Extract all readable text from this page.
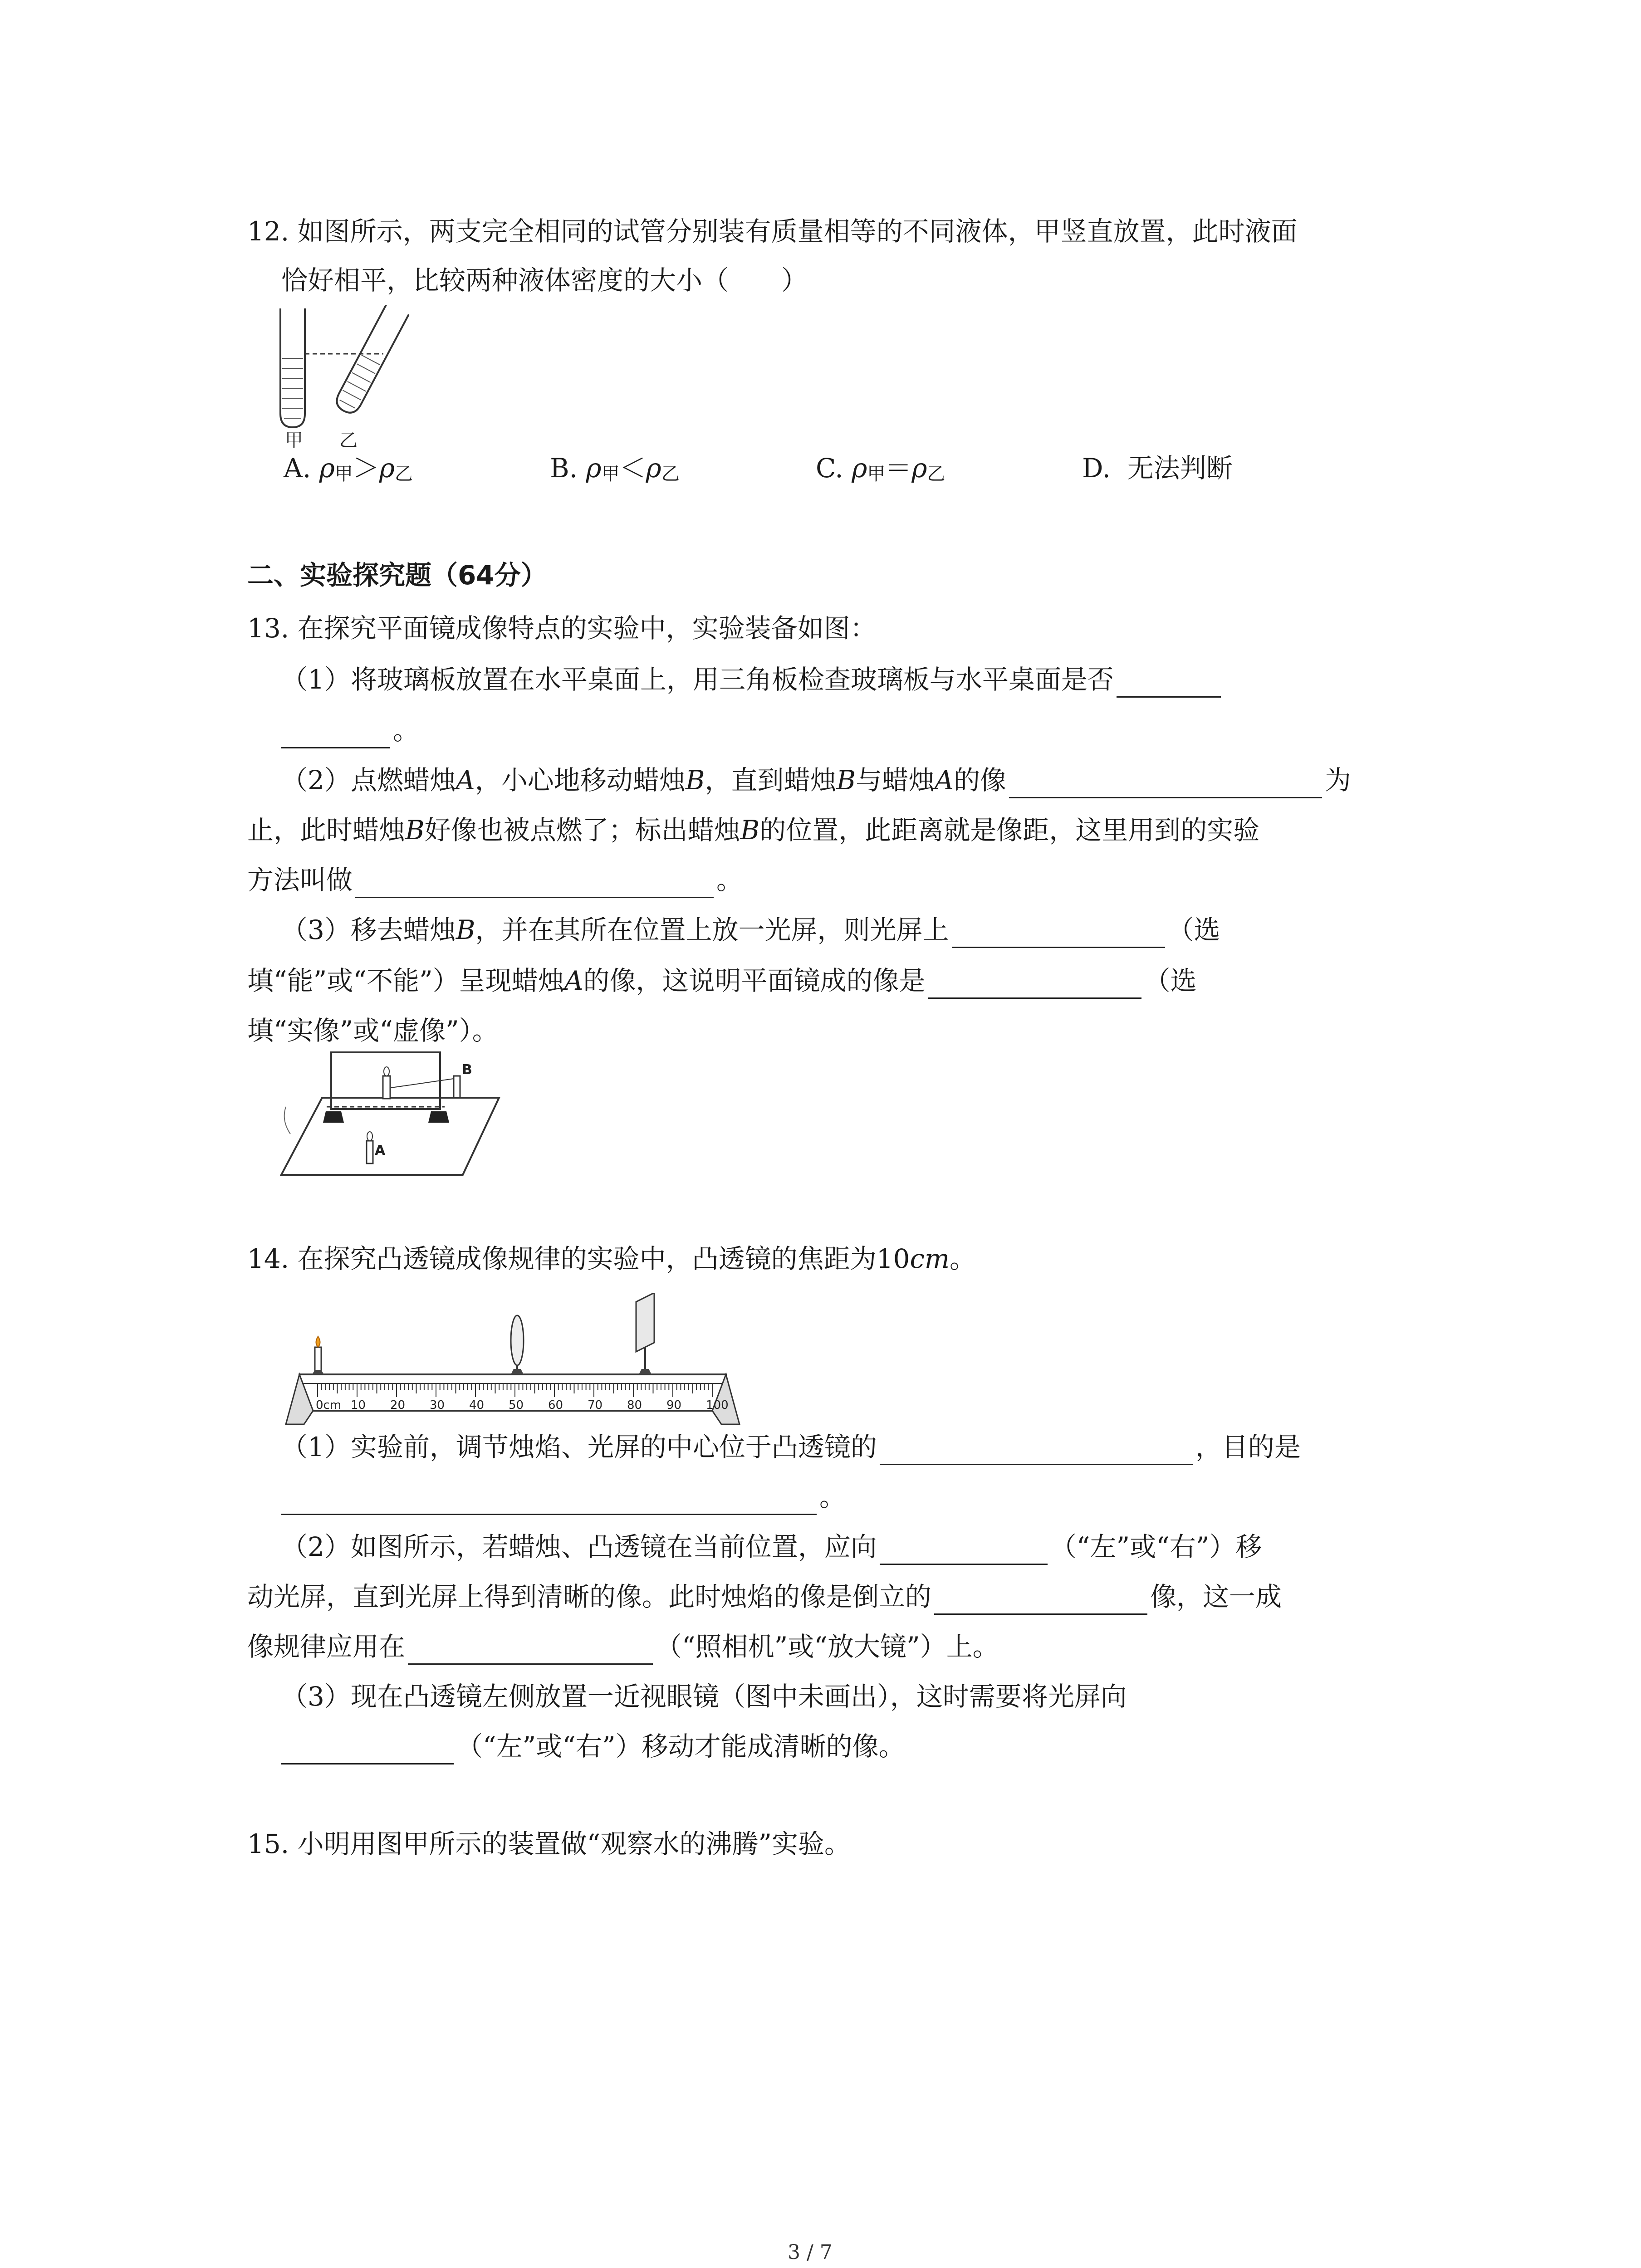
12. 如图所示，两支完全相同的试管分别装有质量相等的不同液体，甲竖直放置，此时液面
恰好相平，比较两种液体密度的大小（　　）
甲 乙
A. ρ甲＞ρ乙	B. ρ甲＜ρ乙	C. ρ甲＝ρ乙	D. 无法判断
二、实验探究题（64分）
13. 在探究平面镜成像特点的实验中，实验装备如图：
（1）将玻璃板放置在水平桌面上，用三角板检查玻璃板与水平桌面是否
。
（2）点燃蜡烛A，小心地移动蜡烛B，直到蜡烛B与蜡烛A的像	为
止，此时蜡烛B好像也被点燃了；标出蜡烛B的位置，此距离就是像距，这里用到的实验
方法叫做	。
（3）移去蜡烛B，并在其所在位置上放一光屏，则光屏上	（选
填“能”或“不能”）呈现蜡烛A的像，这说明平面镜成的像是	（选
填“实像”或“虚像”）。
B
A
14. 在探究凸透镜成像规律的实验中，凸透镜的焦距为10cm。
0cm 10 20 30 40 50 60 70 80 90 100
（1）实验前，调节烛焰、光屏的中心位于凸透镜的	，目的是
。
（2）如图所示，若蜡烛、凸透镜在当前位置，应向	（“左”或“右”）移
动光屏，直到光屏上得到清晰的像。此时烛焰的像是倒立的	像，这一成
像规律应用在	（“照相机”或“放大镜”）上。
（3）现在凸透镜左侧放置一近视眼镜（图中未画出），这时需要将光屏向
（“左”或“右”）移动才能成清晰的像。
15. 小明用图甲所示的装置做“观察水的沸腾”实验。
3 / 7
